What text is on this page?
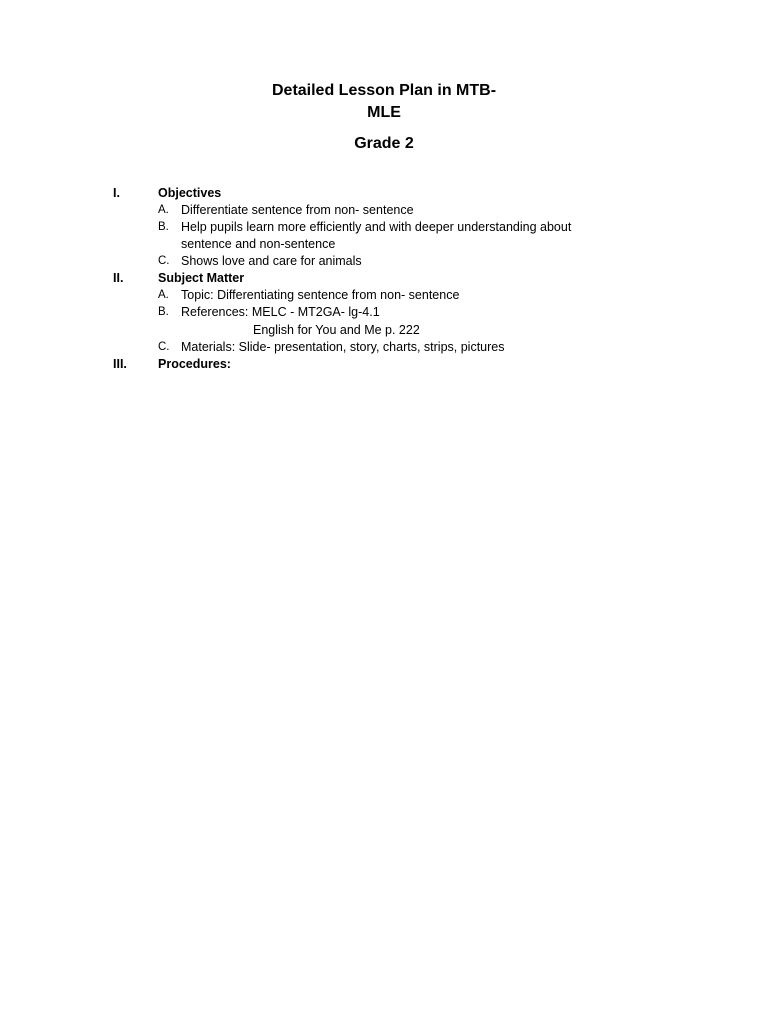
Detailed Lesson Plan in MTB-
MLE
Grade 2
I.	Objectives
A. Differentiate sentence from non- sentence
B. Help pupils learn more efficiently and with deeper understanding about
sentence and non-sentence
C. Shows love and care for animals
II.	Subject Matter
A. Topic: Differentiating sentence from non- sentence
B. References: MELC - MT2GA- lg-4.1
English for You and Me p. 222
C. Materials: Slide- presentation, story, charts, strips, pictures
III. Procedures:
